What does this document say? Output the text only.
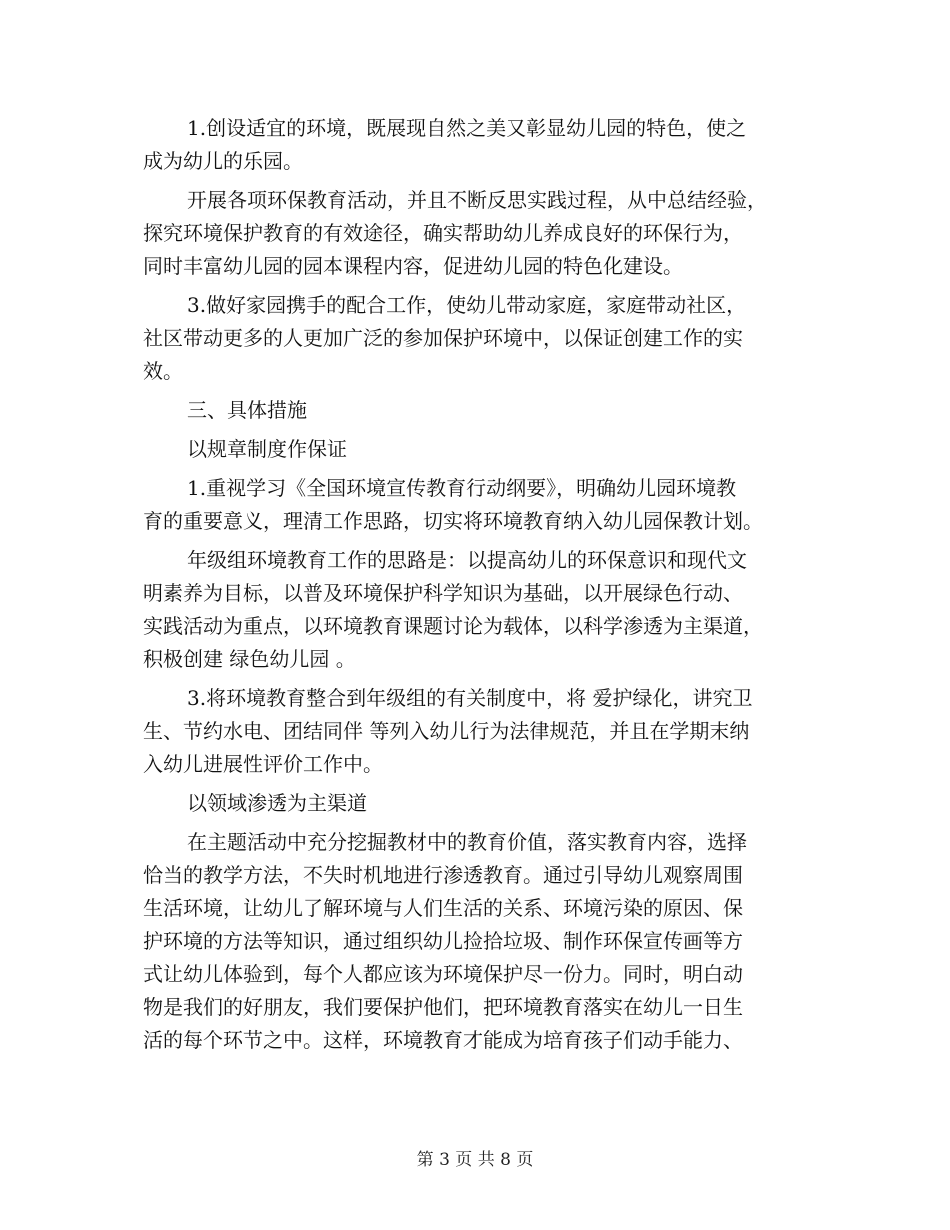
1.创设适宜的环境，既展现自然之美又彰显幼儿园的特色，使之
成为幼儿的乐园。
开展各项环保教育活动，并且不断反思实践过程，从中总结经验，
探究环境保护教育的有效途径，确实帮助幼儿养成良好的环保行为，
同时丰富幼儿园的园本课程内容，促进幼儿园的特色化建设。
3.做好家园携手的配合工作，使幼儿带动家庭，家庭带动社区，
社区带动更多的人更加广泛的参加保护环境中，以保证创建工作的实
效。
三、具体措施
以规章制度作保证
1.重视学习《全国环境宣传教育行动纲要》，明确幼儿园环境教
育的重要意义，理清工作思路，切实将环境教育纳入幼儿园保教计划。
年级组环境教育工作的思路是：以提高幼儿的环保意识和现代文
明素养为目标，以普及环境保护科学知识为基础，以开展绿色行动、
实践活动为重点，以环境教育课题讨论为载体，以科学渗透为主渠道，
积极创建 绿色幼儿园 。
3.将环境教育整合到年级组的有关制度中，将 爱护绿化，讲究卫
生、节约水电、团结同伴 等列入幼儿行为法律规范，并且在学期末纳
入幼儿进展性评价工作中。
以领域渗透为主渠道
在主题活动中充分挖掘教材中的教育价值，落实教育内容，选择
恰当的教学方法，不失时机地进行渗透教育。通过引导幼儿观察周围
生活环境，让幼儿了解环境与人们生活的关系、环境污染的原因、保
护环境的方法等知识，通过组织幼儿捡拾垃圾、制作环保宣传画等方
式让幼儿体验到，每个人都应该为环境保护尽一份力。同时，明白动
物是我们的好朋友，我们要保护他们，把环境教育落实在幼儿一日生
活的每个环节之中。这样，环境教育才能成为培育孩子们动手能力、
第 3 页 共 8 页
